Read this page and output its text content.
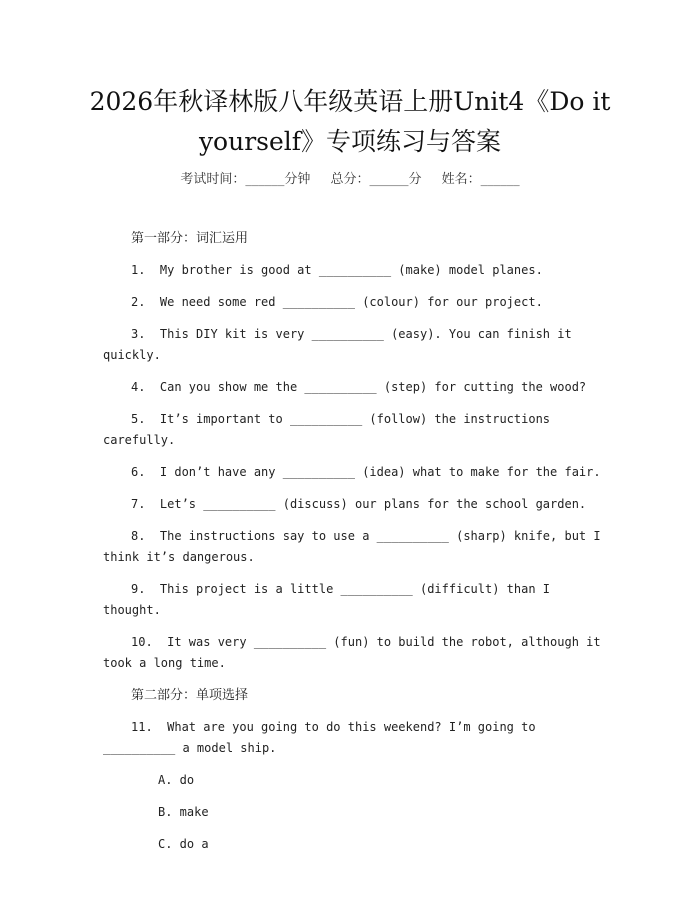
2026年秋译林版八年级英语上册Unit4《Do it yourself》专项练习与答案
考试时间：______分钟 总分：______分 姓名：______
第一部分：词汇运用
1.  My brother is good at __________ (make) model planes.
2.  We need some red __________ (colour) for our project.
3.  This DIY kit is very __________ (easy). You can finish it quickly.
4.  Can you show me the __________ (step) for cutting the wood?
5.  It’s important to __________ (follow) the instructions carefully.
6.  I don’t have any __________ (idea) what to make for the fair.
7.  Let’s __________ (discuss) our plans for the school garden.
8.  The instructions say to use a __________ (sharp) knife, but I think it’s dangerous.
9.  This project is a little __________ (difficult) than I thought.
10.  It was very __________ (fun) to build the robot, although it took a long time.
第二部分：单项选择
11.  What are you going to do this weekend? I’m going to __________ a model ship.
A. do
B. make
C. do a
